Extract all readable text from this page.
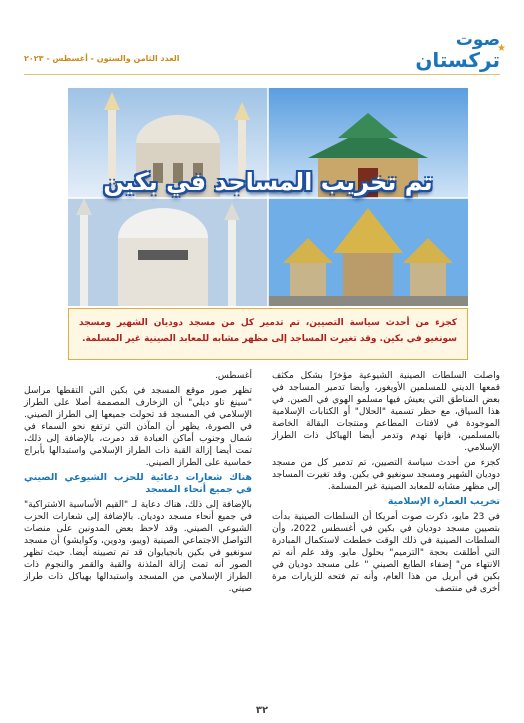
★
صوت
تركستان
العدد الثامن والستون - أغسطس - ٢٠٢٣
تم تخريب المساجد في بكين
كجزء من أحدث سياسة التصيين، تم تدمير كل من مسجد دوديان الشهير ومسجد سونغيو في بكين. وقد تغيرت المساجد إلى مظهر مشابه للمعابد الصينية غير المسلمة.

واصلت السلطات الصينية الشيوعية مؤخرًا بشكل مكثف قمعها الديني للمسلمين الأويغور، وأيضا تدمير المساجد في بعض المناطق التي يعيش فيها مسلمو الهوي في الصين. في هذا السياق، مع حظر تسمية "الحلال" أو الكتابات الإسلامية الموجودة في لافتات المطاعم ومنتجات البقالة الخاصة بالمسلمين، فإنها تهدم وتدمر أيضا الهياكل ذات الطراز الإسلامي.

كجزء من أحدث سياسة التصيين، تم تدمير كل من مسجد دوديان الشهير ومسجد سونغيو في بكين. وقد تغيرت المساجد إلى مظهر مشابه للمعابد الصينية غير المسلمة.

تخريب العمارة الإسلامية

في 23 مايو، ذكرت صوت أمريكا أن السلطات الصينية بدأت بتصيين مسجد دوديان في بكين في أغسطس 2022، وأن السلطات الصينية في ذلك الوقت خططت لاستكمال المبادرة التي أطلقت بحجة "الترميم" بحلول مايو. وقد علم أنه تم الانتهاء من" إضفاء الطابع الصيني " على مسجد دوديان في بكين في أبريل من هذا العام، وأنه تم فتحه للزيارات مرة أخرى في منتصف

أغسطس.

تظهر صور موقع المسجد في بكين التي التقطها مراسل "سينغ تاو ديلي" أن الزخارف المصممة أصلا على الطراز الإسلامي في المسجد قد تحولت جميعها إلى الطراز الصيني. في الصورة، يظهر أن المآذن التي ترتفع نحو السماء في شمال وجنوب أماكن العبادة قد دمرت، بالإضافة إلى ذلك، تمت أيضا إزالة القبة ذات الطراز الإسلامي واستبدالها بأبراج خماسية على الطراز الصيني.

هناك شعارات دعائية للحزب الشيوعي الصيني في جميع أنحاء المسجد

بالإضافة إلى ذلك، هناك دعاية لـ "القيم الأساسية الاشتراكية" في جميع أنحاء مسجد دوديان. بالإضافة إلى شعارات الحزب الشيوعي الصيني. وقد لاحظ بعض المدونين على منصات التواصل الاجتماعي الصينية (ويبو، ودوين، وكوايشو) أن مسجد سونغيو في بكين بانجيايوان قد تم تصيينه أيضا. حيث تظهر الصور أنه تمت إزالة المئذنة والقبة والقمر والنجوم ذات الطراز الإسلامي من المسجد واستبدالها بهياكل ذات طراز صيني.

٣٢
